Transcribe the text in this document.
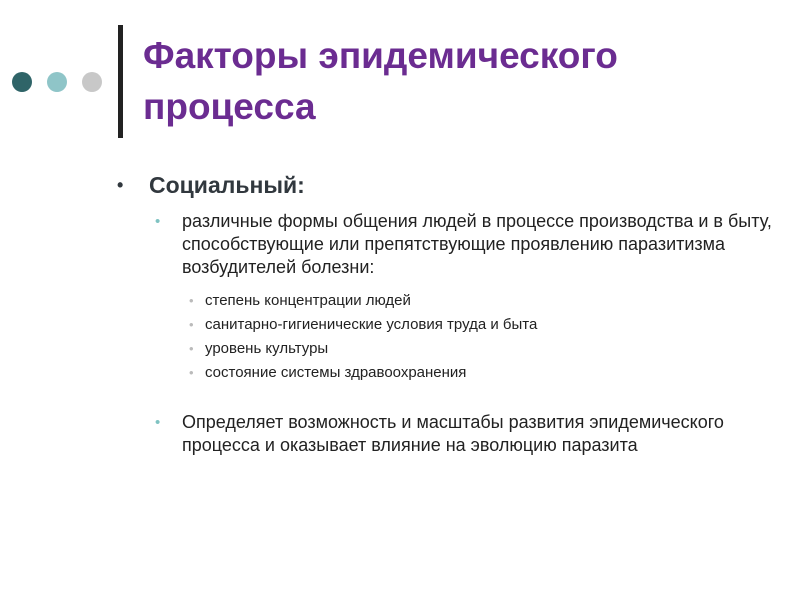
Факторы эпидемического процесса
• Социальный:
• различные формы общения людей в процессе производства и в быту, способствующие или препятствующие проявлению паразитизма возбудителей болезни:
• степень концентрации людей
• санитарно-гигиенические условия труда и быта
• уровень культуры
• состояние системы здравоохранения
• Определяет возможность и масштабы развития эпидемического процесса и оказывает влияние на эволюцию паразита
